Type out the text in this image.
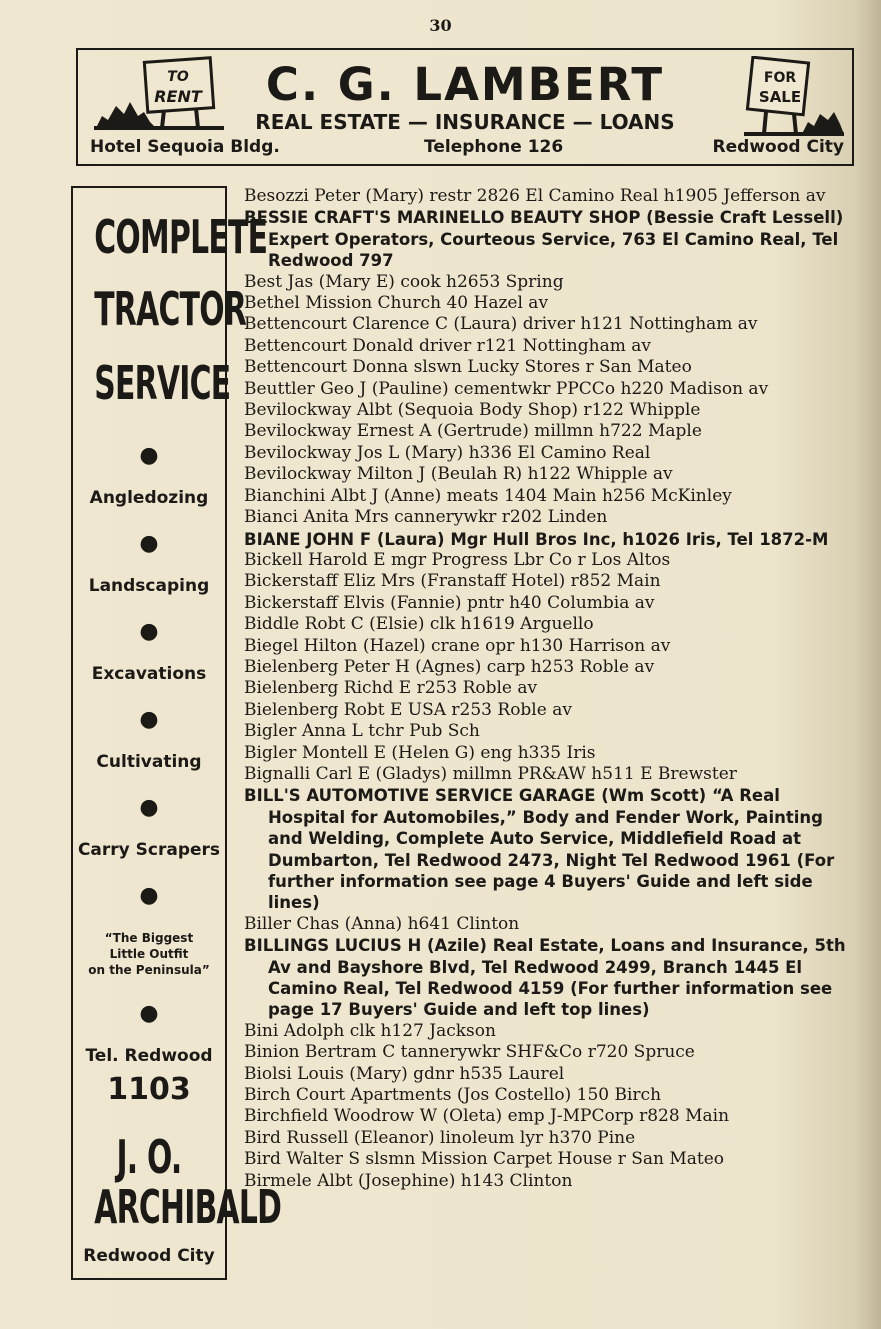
30
TO
RENT	C. G. LAMBERT
REAL ESTATE — INSURANCE — LOANS
Hotel Sequoia Bldg.	Telephone 126	Redwood City
FOR
SALE
COMPLETE
TRACTOR
SERVICE
●
Angledozing
●
Landscaping
●
Excavations
●
Cultivating
●
Carry Scrapers
●
“The Biggest
Little Outfit
on the Peninsula”
●
Tel. Redwood
1103
J. O.
ARCHIBALD
Redwood City

Besozzi Peter (Mary) restr 2826 El Camino Real h1905 Jefferson av

BESSIE CRAFT'S MARINELLO BEAUTY SHOP (Bessie Craft Lessell) Expert Operators, Courteous Service, 763 El Camino Real, Tel Redwood 797

Best Jas (Mary E) cook h2653 Spring

Bethel Mission Church 40 Hazel av

Bettencourt Clarence C (Laura) driver h121 Nottingham av

Bettencourt Donald driver r121 Nottingham av

Bettencourt Donna slswn Lucky Stores r San Mateo

Beuttler Geo J (Pauline) cementwkr PPCCo h220 Madison av

Bevilockway Albt (Sequoia Body Shop) r122 Whipple

Bevilockway Ernest A (Gertrude) millmn h722 Maple

Bevilockway Jos L (Mary) h336 El Camino Real

Bevilockway Milton J (Beulah R) h122 Whipple av

Bianchini Albt J (Anne) meats 1404 Main h256 McKinley

Bianci Anita Mrs cannerywkr r202 Linden

BIANE JOHN F (Laura) Mgr Hull Bros Inc, h1026 Iris, Tel 1872-M

Bickell Harold E mgr Progress Lbr Co r Los Altos

Bickerstaff Eliz Mrs (Franstaff Hotel) r852 Main

Bickerstaff Elvis (Fannie) pntr h40 Columbia av

Biddle Robt C (Elsie) clk h1619 Arguello

Biegel Hilton (Hazel) crane opr h130 Harrison av

Bielenberg Peter H (Agnes) carp h253 Roble av

Bielenberg Richd E r253 Roble av

Bielenberg Robt E USA r253 Roble av

Bigler Anna L tchr Pub Sch

Bigler Montell E (Helen G) eng h335 Iris

Bignalli Carl E (Gladys) millmn PR&AW h511 E Brewster

BILL'S AUTOMOTIVE SERVICE GARAGE (Wm Scott) “A Real Hospital for Automobiles,” Body and Fender Work, Painting and Welding, Complete Auto Service, Middlefield Road at Dumbarton, Tel Redwood 2473, Night Tel Redwood 1961 (For further information see page 4 Buyers' Guide and left side lines)

Biller Chas (Anna) h641 Clinton

BILLINGS LUCIUS H (Azile) Real Estate, Loans and Insurance, 5th Av and Bayshore Blvd, Tel Redwood 2499, Branch 1445 El Camino Real, Tel Redwood 4159 (For further information see page 17 Buyers' Guide and left top lines)

Bini Adolph clk h127 Jackson

Binion Bertram C tannerywkr SHF&Co r720 Spruce

Biolsi Louis (Mary) gdnr h535 Laurel

Birch Court Apartments (Jos Costello) 150 Birch

Birchfield Woodrow W (Oleta) emp J-MPCorp r828 Main

Bird Russell (Eleanor) linoleum lyr h370 Pine

Bird Walter S slsmn Mission Carpet House r San Mateo

Birmele Albt (Josephine) h143 Clinton
